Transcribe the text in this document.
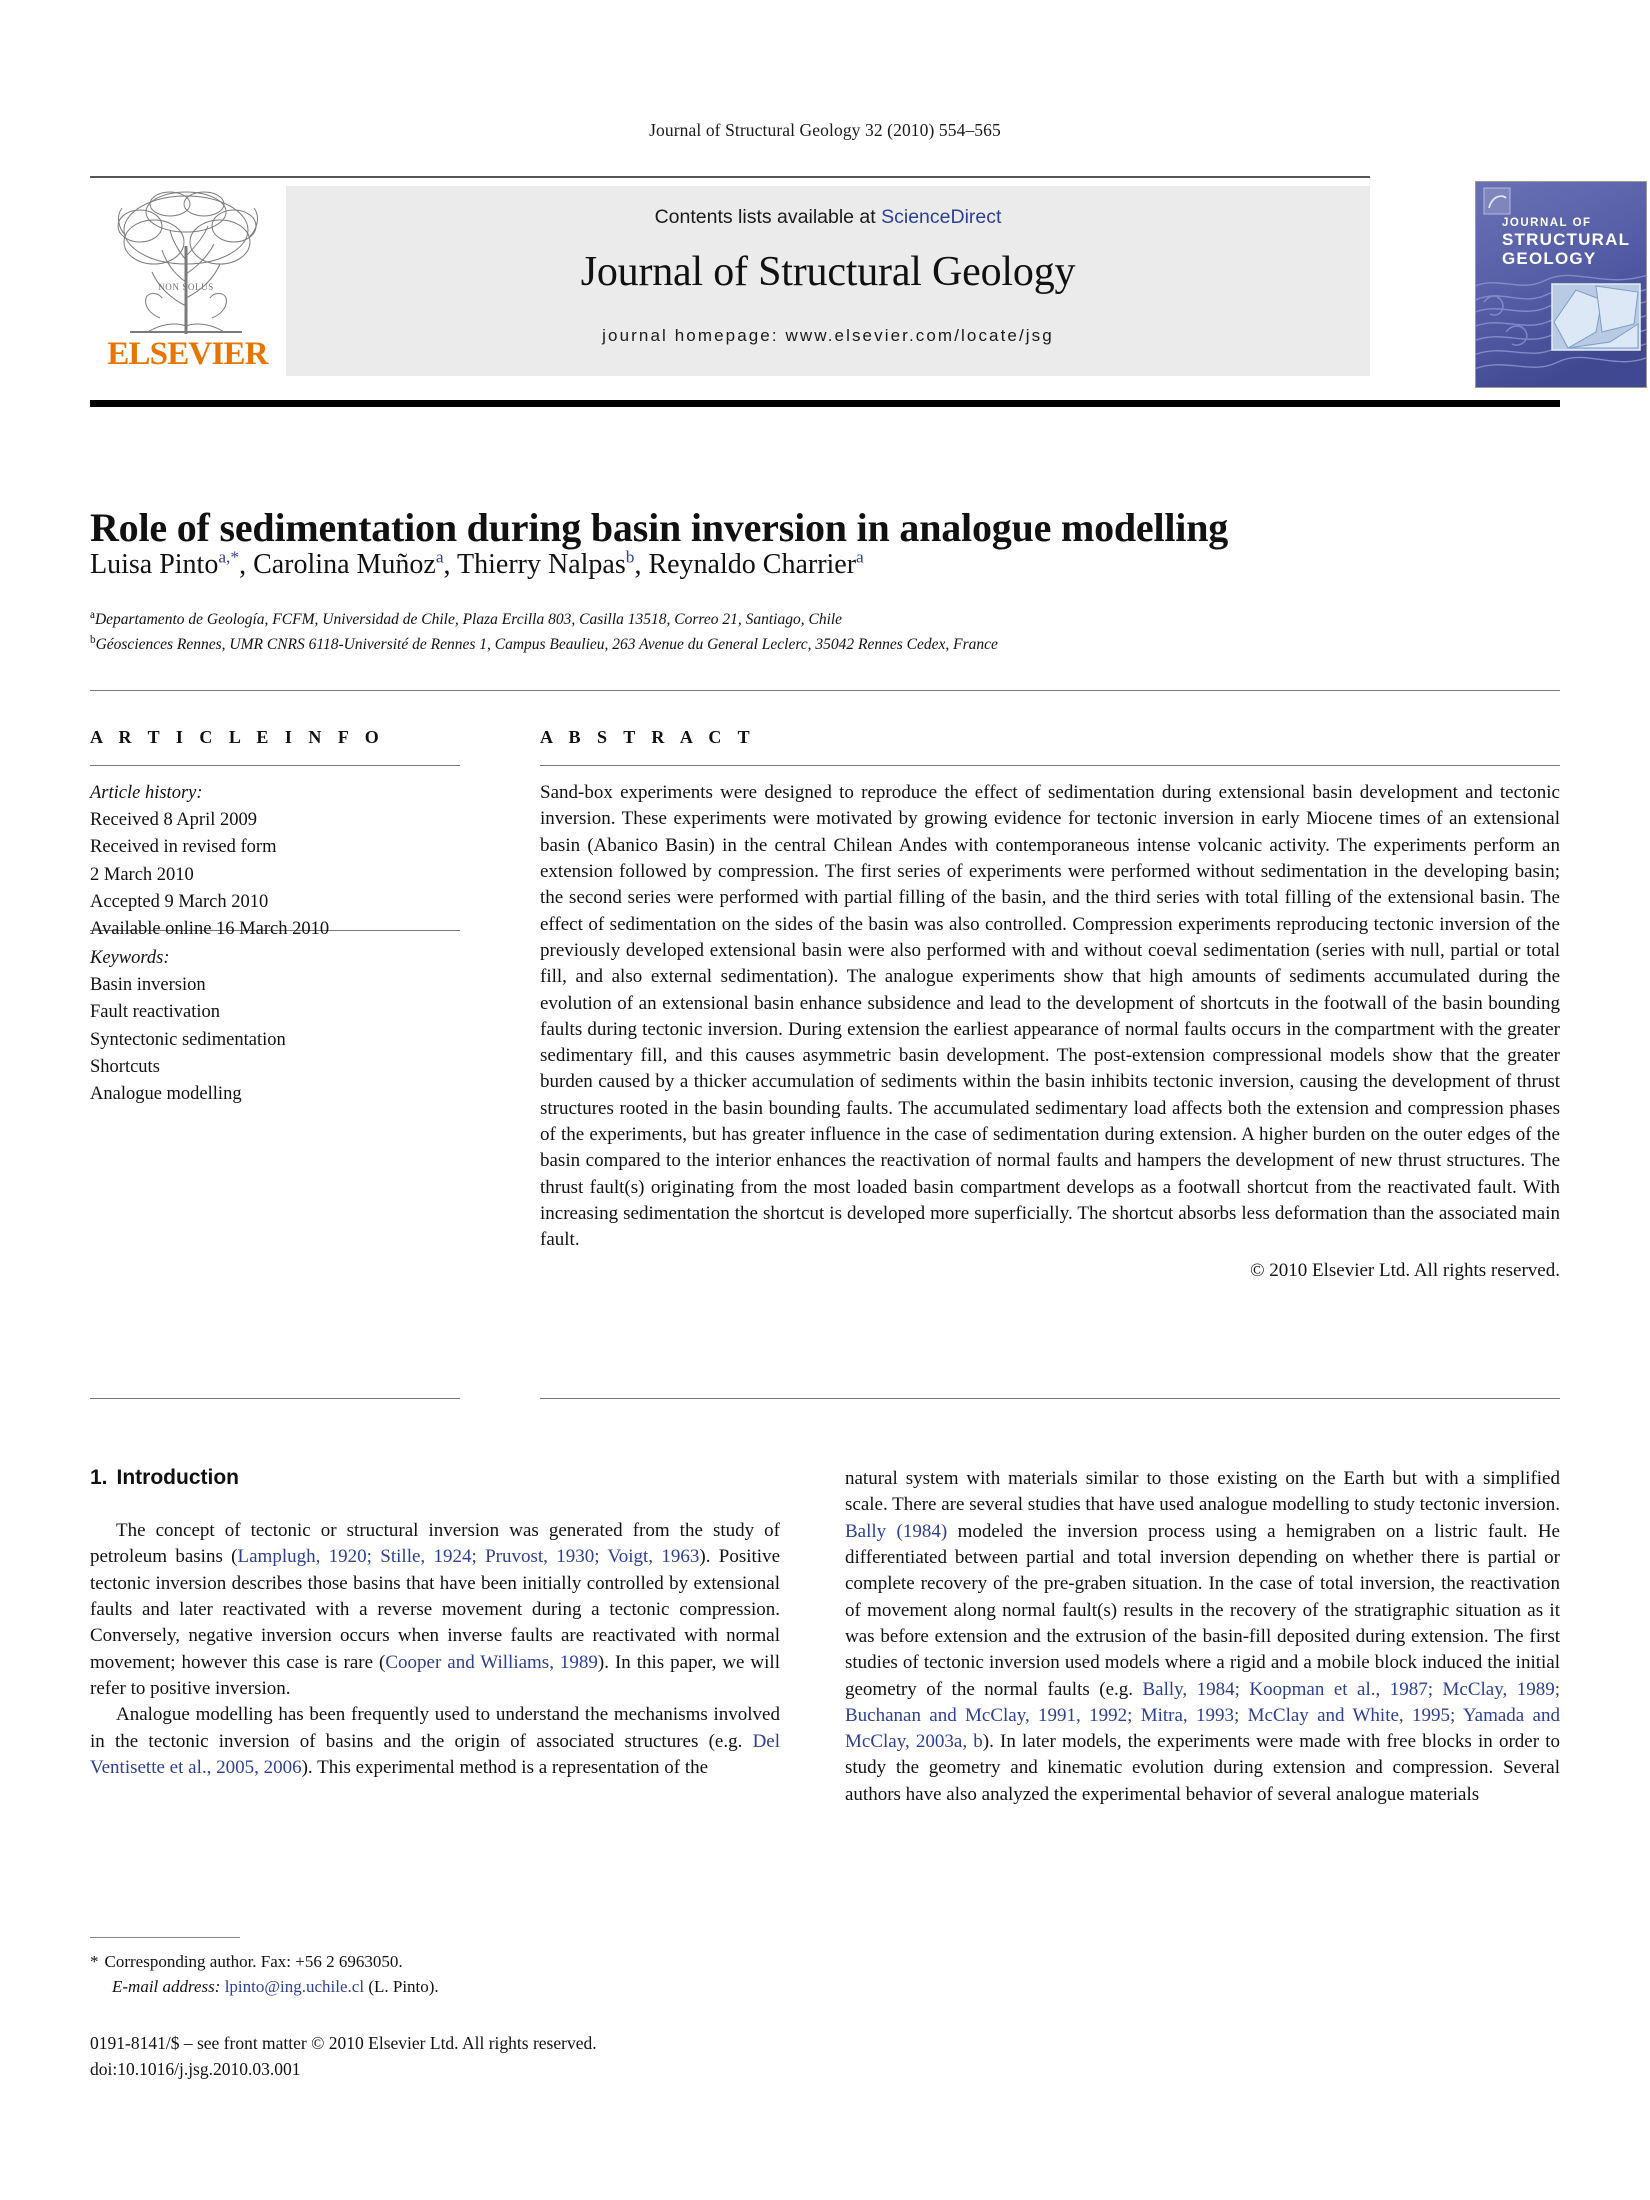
Journal of Structural Geology 32 (2010) 554–565
NON SOLUS
ELSEVIER
Contents lists available at ScienceDirect
Journal of Structural Geology
journal homepage: www.elsevier.com/locate/jsg
JOURNAL OF
STRUCTURAL
GEOLOGY
Role of sedimentation during basin inversion in analogue modelling
Luisa Pinto$^{a,*}$, Carolina Muñoz$^a$, Thierry Nalpas$^b$, Reynaldo Charrier$^a$
$^a$Departamento de Geología, FCFM, Universidad de Chile, Plaza Ercilla 803, Casilla 13518, Correo 21, Santiago, Chile
$^b$Géosciences Rennes, UMR CNRS 6118-Université de Rennes 1, Campus Beaulieu, 263 Avenue du General Leclerc, 35042 Rennes Cedex, France
A R T I C L E I N F O
Article history:
Received 8 April 2009
Received in revised form
2 March 2010
Accepted 9 March 2010
Available online 16 March 2010
Keywords:
Basin inversion
Fault reactivation
Syntectonic sedimentation
Shortcuts
Analogue modelling
A B S T R A C T
Sand-box experiments were designed to reproduce the effect of sedimentation during extensional basin development and tectonic inversion. These experiments were motivated by growing evidence for tectonic inversion in early Miocene times of an extensional basin (Abanico Basin) in the central Chilean Andes with contemporaneous intense volcanic activity. The experiments perform an extension followed by compression. The first series of experiments were performed without sedimentation in the developing basin; the second series were performed with partial filling of the basin, and the third series with total filling of the extensional basin. The effect of sedimentation on the sides of the basin was also controlled. Compression experiments reproducing tectonic inversion of the previously developed extensional basin were also performed with and without coeval sedimentation (series with null, partial or total fill, and also external sedimentation). The analogue experiments show that high amounts of sediments accumulated during the evolution of an extensional basin enhance subsidence and lead to the development of shortcuts in the footwall of the basin bounding faults during tectonic inversion. During extension the earliest appearance of normal faults occurs in the compartment with the greater sedimentary fill, and this causes asymmetric basin development. The post-extension compressional models show that the greater burden caused by a thicker accumulation of sediments within the basin inhibits tectonic inversion, causing the development of thrust structures rooted in the basin bounding faults. The accumulated sedimentary load affects both the extension and compression phases of the experiments, but has greater influence in the case of sedimentation during extension. A higher burden on the outer edges of the basin compared to the interior enhances the reactivation of normal faults and hampers the development of new thrust structures. The thrust fault(s) originating from the most loaded basin compartment develops as a footwall shortcut from the reactivated fault. With increasing sedimentation the shortcut is developed more superficially. The shortcut absorbs less deformation than the associated main fault.
© 2010 Elsevier Ltd. All rights reserved.
1. Introduction

The concept of tectonic or structural inversion was generated from the study of petroleum basins (Lamplugh, 1920; Stille, 1924; Pruvost, 1930; Voigt, 1963). Positive tectonic inversion describes those basins that have been initially controlled by extensional faults and later reactivated with a reverse movement during a tectonic compression. Conversely, negative inversion occurs when inverse faults are reactivated with normal movement; however this case is rare (Cooper and Williams, 1989). In this paper, we will refer to positive inversion.

Analogue modelling has been frequently used to understand the mechanisms involved in the tectonic inversion of basins and the origin of associated structures (e.g. Del Ventisette et al., 2005, 2006). This experimental method is a representation of the

natural system with materials similar to those existing on the Earth but with a simplified scale. There are several studies that have used analogue modelling to study tectonic inversion. Bally (1984) modeled the inversion process using a hemigraben on a listric fault. He differentiated between partial and total inversion depending on whether there is partial or complete recovery of the pre-graben situation. In the case of total inversion, the reactivation of movement along normal fault(s) results in the recovery of the stratigraphic situation as it was before extension and the extrusion of the basin-fill deposited during extension. The first studies of tectonic inversion used models where a rigid and a mobile block induced the initial geometry of the normal faults (e.g. Bally, 1984; Koopman et al., 1987; McClay, 1989; Buchanan and McClay, 1991, 1992; Mitra, 1993; McClay and White, 1995; Yamada and McClay, 2003a, b). In later models, the experiments were made with free blocks in order to study the geometry and kinematic evolution during extension and compression. Several authors have also analyzed the experimental behavior of several analogue materials

* Corresponding author. Fax: +56 2 6963050.
E-mail address: lpinto@ing.uchile.cl (L. Pinto).
0191-8141/$ – see front matter © 2010 Elsevier Ltd. All rights reserved.
doi:10.1016/j.jsg.2010.03.001
